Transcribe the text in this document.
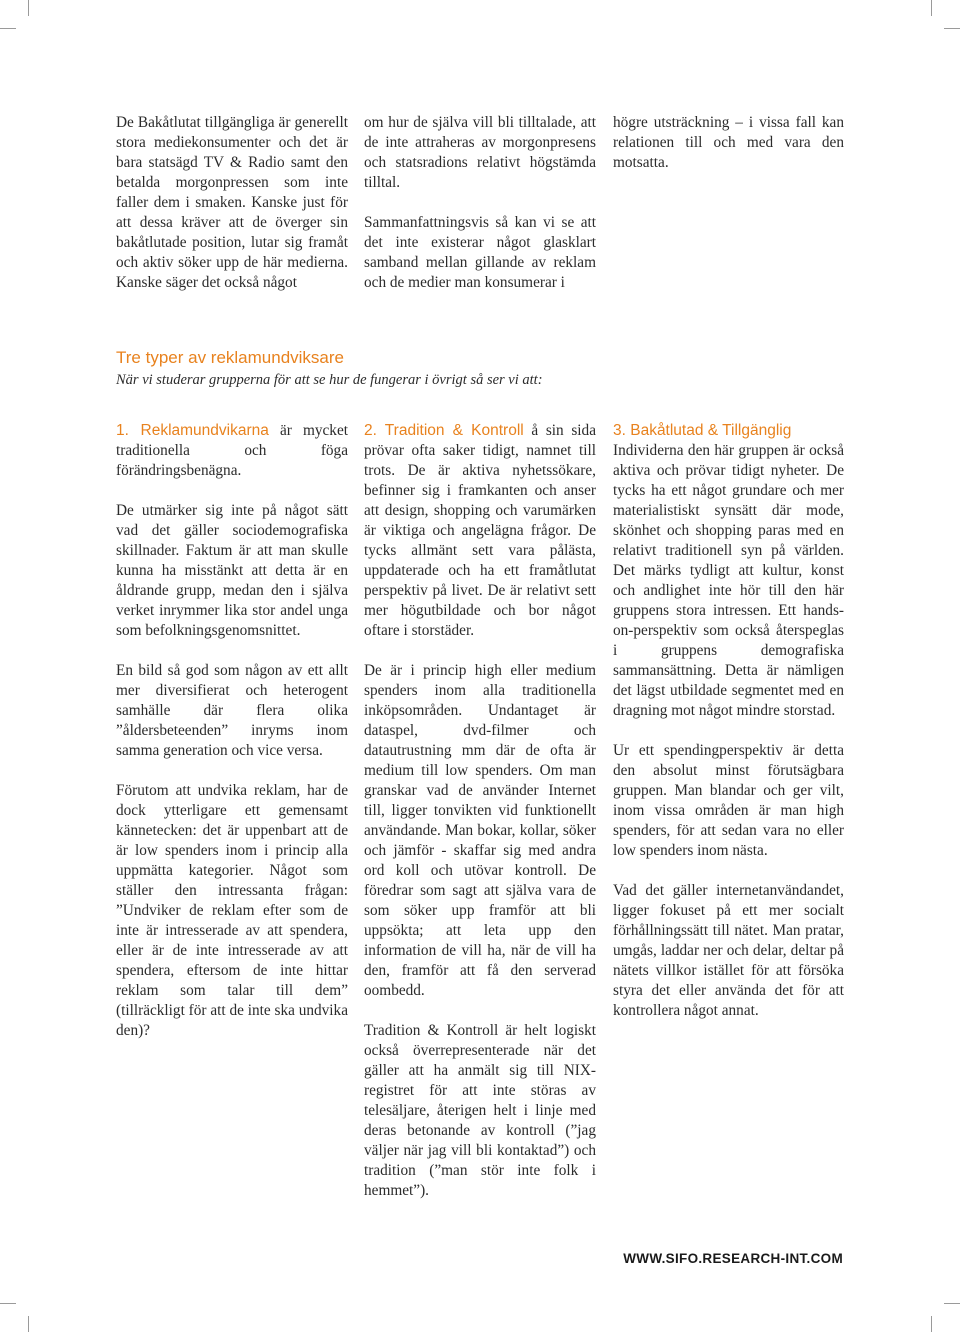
De Bakåtlutat tillgängliga är generellt stora mediekonsumenter och det är bara statsägd TV & Radio samt den betalda morgonpressen som inte faller dem i smaken. Kanske just för att dessa kräver att de överger sin bakåtlutade position, lutar sig framåt och aktiv söker upp de här medierna. Kanske säger det också något

om hur de själva vill bli tilltalade, att de inte attraheras av morgonpresens och statsradions relativt högstämda tilltal.

Sammanfattningsvis så kan vi se att det inte existerar något glasklart samband mellan gillande av reklam och de medier man konsumerar i

högre utsträckning – i vissa fall kan relationen till och med vara den motsatta.

Tre typer av reklamundviksare

När vi studerar grupperna för att se hur de fungerar i övrigt så ser vi att:

1. Reklamundvikarna är mycket traditionella och föga förändringsbenägna.

De utmärker sig inte på något sätt vad det gäller sociodemografiska skillnader. Faktum är att man skulle kunna ha misstänkt att detta är en åldrande grupp, medan den i själva verket inrymmer lika stor andel unga som befolkningsgenomsnittet.

En bild så god som någon av ett allt mer diversifierat och heterogent samhälle där flera olika ”åldersbeteenden” inryms inom samma generation och vice versa.

Förutom att undvika reklam, har de dock ytterligare ett gemensamt kännetecken: det är uppenbart att de är low spenders inom i princip alla uppmätta kategorier. Något som ställer den intressanta frågan: ”Undviker de reklam efter som de inte är intresserade av att spendera, eller är de inte intresserade av att spendera, eftersom de inte hittar reklam som talar till dem” (tillräckligt för att de inte ska undvika den)?

2. Tradition & Kontroll å sin sida prövar ofta saker tidigt, namnet till trots. De är aktiva nyhetssökare, befinner sig i framkanten och anser att design, shopping och varumärken är viktiga och angelägna frågor. De tycks allmänt sett vara pålästa, uppdaterade och ha ett framåtlutat perspektiv på livet. De är relativt sett mer högutbildade och bor något oftare i storstäder.

De är i princip high eller medium spenders inom alla traditionella inköpsområden. Undantaget är dataspel, dvd-filmer och datautrustning mm där de ofta är medium till low spenders. Om man granskar vad de använder Internet till, ligger tonvikten vid funktionellt användande. Man bokar, kollar, söker och jämför - skaffar sig med andra ord koll och utövar kontroll. De föredrar som sagt att själva vara de som söker upp framför att bli uppsökta; att leta upp den information de vill ha, när de vill ha den, framför att få den serverad oombedd.

Tradition & Kontroll är helt logiskt också överrepresenterade när det gäller att ha anmält sig till NIX-registret för att inte störas av telesäljare, återigen helt i linje med deras betonande av kontroll (”jag väljer när jag vill bli kontaktad”) och tradition (”man stör inte folk i hemmet”).

3. Bakåtlutad & Tillgänglig
Individerna den här gruppen är också aktiva och prövar tidigt nyheter. De tycks ha ett något grundare och mer materialistiskt synsätt där mode, skönhet och shopping paras med en relativt traditionell syn på världen. Det märks tydligt att kultur, konst och andlighet inte hör till den här gruppens stora intressen. Ett hands-on-perspektiv som också återspeglas i gruppens demografiska sammansättning. Detta är nämligen det lägst utbildade segmentet med en dragning mot något mindre storstad.

Ur ett spendingperspektiv är detta den absolut minst förutsägbara gruppen. Man blandar och ger vilt, inom vissa områden är man high spenders, för att sedan vara no eller low spenders inom nästa.

Vad det gäller internetanvändandet, ligger fokuset på ett mer socialt förhållningssätt till nätet. Man pratar, umgås, laddar ner och delar, deltar på nätets villkor istället för att försöka styra det eller använda det för att kontrollera något annat.

WWW.SIFO.RESEARCH-INT.COM
